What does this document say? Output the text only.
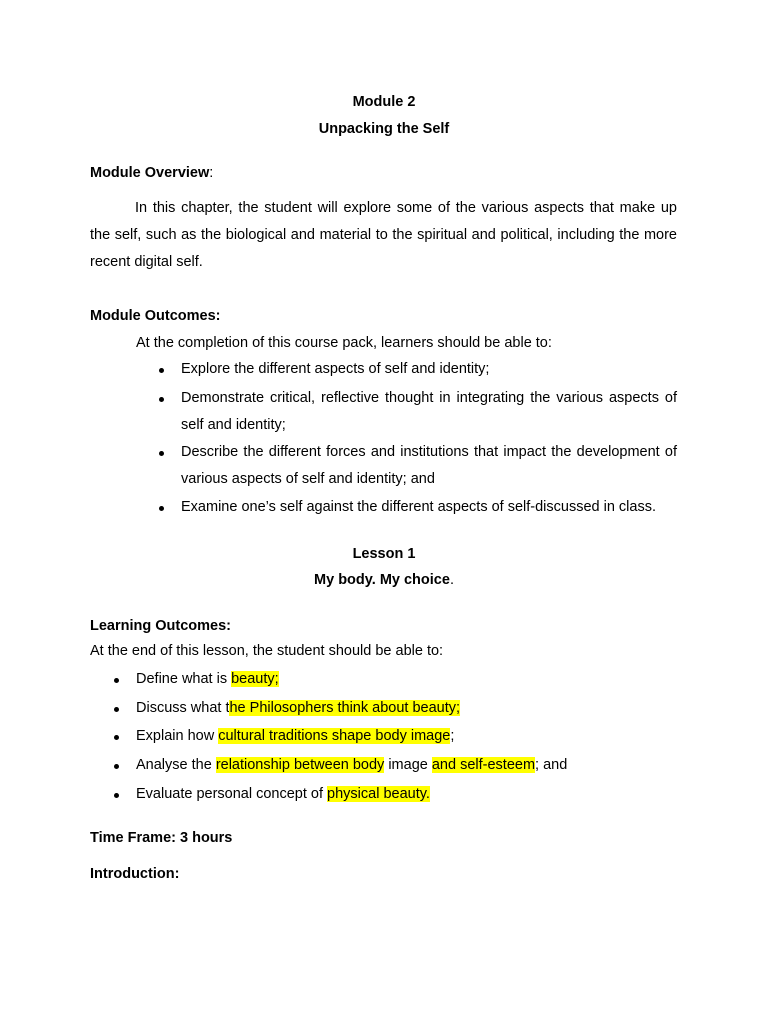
Module 2
Unpacking the Self
Module Overview:
In this chapter, the student will explore some of the various aspects that make up the self, such as the biological and material to the spiritual and political, including the more recent digital self.
Module Outcomes:
At the completion of this course pack, learners should be able to:
Explore the different aspects of self and identity;
Demonstrate critical, reflective thought in integrating the various aspects of self and identity;
Describe the different forces and institutions that impact the development of various aspects of self and identity; and
Examine one’s self against the different aspects of self-discussed in class.
Lesson 1
My body. My choice.
Learning Outcomes:
At the end of this lesson, the student should be able to:
Define what is beauty;
Discuss what the Philosophers think about beauty;
Explain how cultural traditions shape body image;
Analyse the relationship between body image and self-esteem; and
Evaluate personal concept of physical beauty.
Time Frame: 3 hours
Introduction:
